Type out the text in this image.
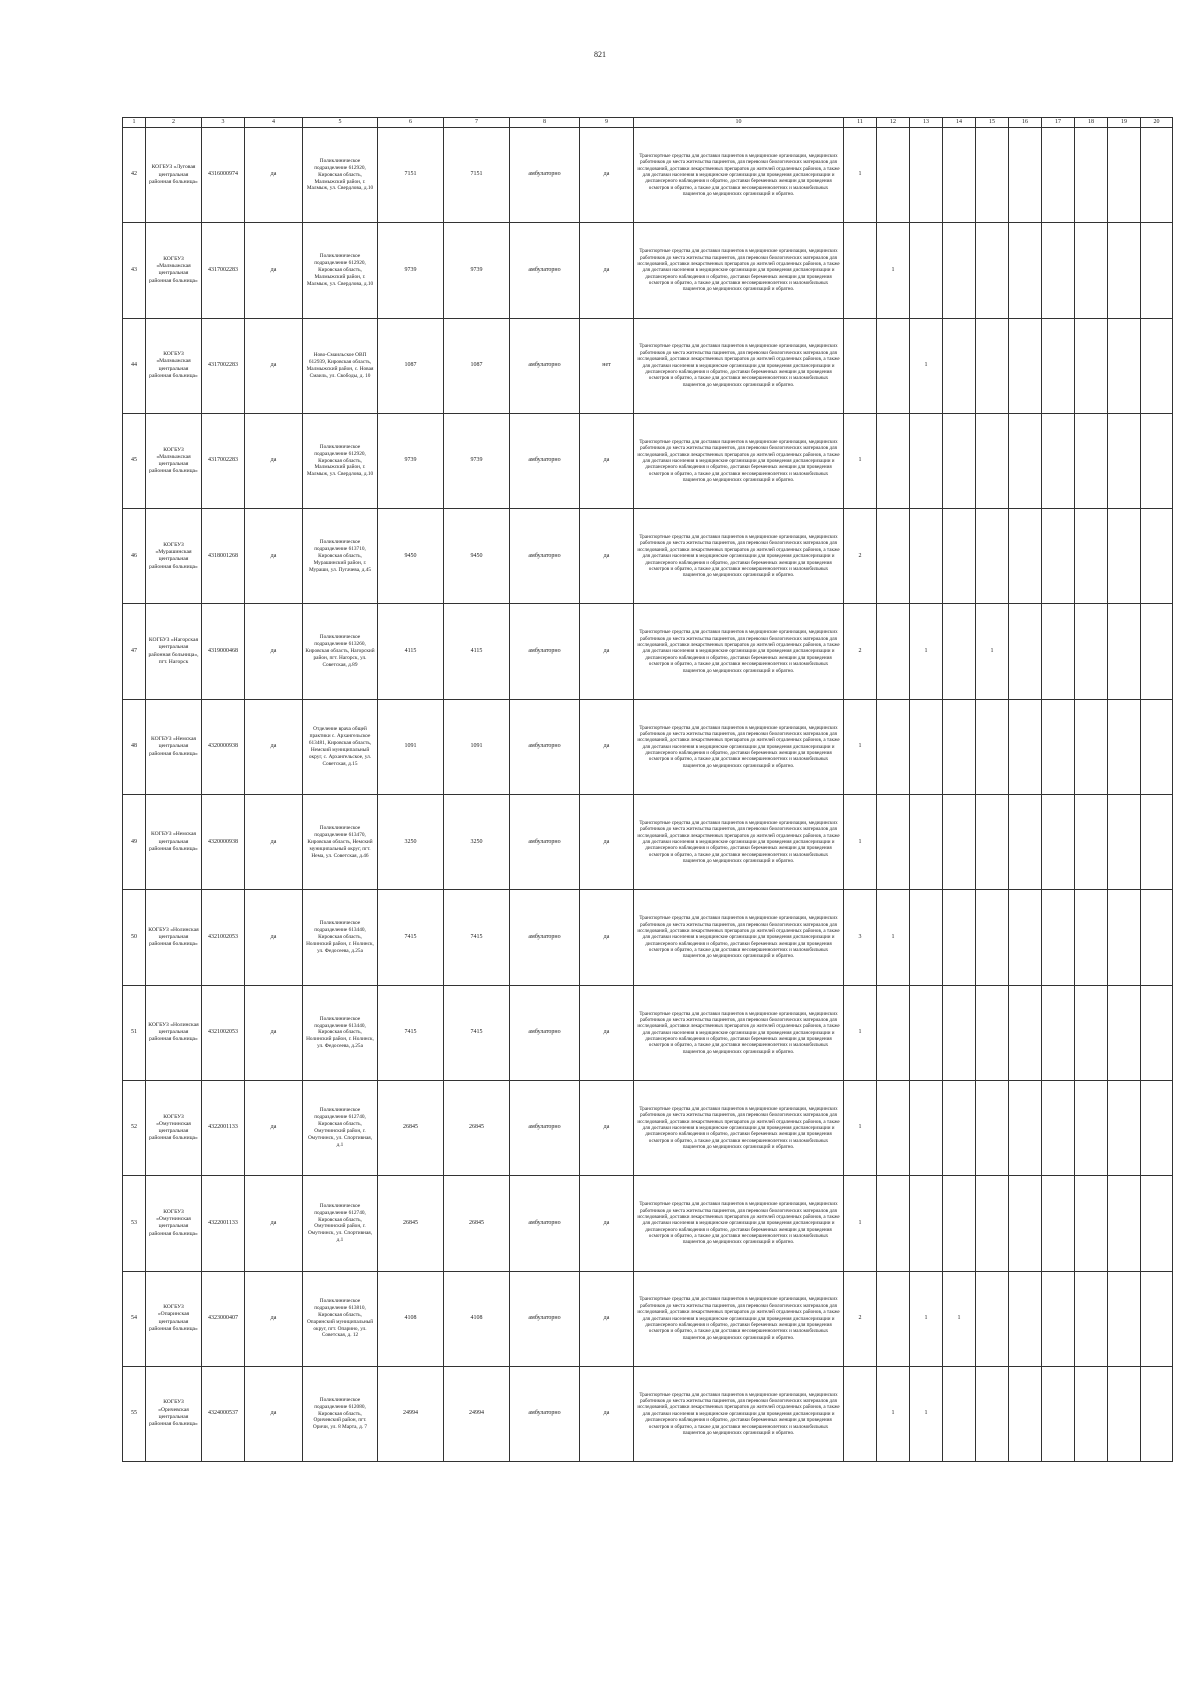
821
1	2	3	4	5	6	7	8	9	10	11	12	13	14	15	16	17	18	19	20
42	КОГБУЗ «Луговая центральная районная больница»	4316000974	да	Поликлиническое подразделение 612920, Кировская область, Малмыжский район, г. Малмыж, ул. Свердлова, д.10	7151	7151	амбулаторно	да	Транспортные средства для доставки пациентов в медицинские организации, медицинских работников до места жительства пациентов, для перевозки биологических материалов для исследований, доставки лекарственных препаратов до жителей отдаленных районов, а также для доставки населения в медицинские организации для проведения диспансеризации и диспансерного наблюдения и обратно, доставки беременных женщин для проведения осмотров и обратно, а также для доставки несовершеннолетних и маломобильных пациентов до медицинских организаций и обратно.	1									
43	КОГБУЗ «Малмыжская центральная районная больница»	4317002283	да	Поликлиническое подразделение 612920, Кировская область, Малмыжский район, г. Малмыж, ул. Свердлова, д.10	9739	9739	амбулаторно	да	Транспортные средства для доставки пациентов в медицинские организации, медицинских работников до места жительства пациентов, для перевозки биологических материалов для исследований, доставки лекарственных препаратов до жителей отдаленных районов, а также для доставки населения в медицинские организации для проведения диспансеризации и диспансерного наблюдения и обратно, доставки беременных женщин для проведения осмотров и обратно, а также для доставки несовершеннолетних и маломобильных пациентов до медицинских организаций и обратно.		1								
44	КОГБУЗ «Малмыжская центральная районная больница»	4317002283	да	Ново-Смаильское ОВП 612939, Кировская область, Малмыжский район, с. Новая Смаиль, ул. Свободы, д. 10	1087	1087	амбулаторно	нет	Транспортные средства для доставки пациентов в медицинские организации, медицинских работников до места жительства пациентов, для перевозки биологических материалов для исследований, доставки лекарственных препаратов до жителей отдаленных районов, а также для доставки населения в медицинские организации для проведения диспансеризации и диспансерного наблюдения и обратно, доставки беременных женщин для проведения осмотров и обратно, а также для доставки несовершеннолетних и маломобильных пациентов до медицинских организаций и обратно.			1							
45	КОГБУЗ «Малмыжская центральная районная больница»	4317002283	да	Поликлиническое подразделение 612920, Кировская область, Малмыжский район, г. Малмыж, ул. Свердлова, д.10	9739	9739	амбулаторно	да	Транспортные средства для доставки пациентов в медицинские организации, медицинских работников до места жительства пациентов, для перевозки биологических материалов для исследований, доставки лекарственных препаратов до жителей отдаленных районов, а также для доставки населения в медицинские организации для проведения диспансеризации и диспансерного наблюдения и обратно, доставки беременных женщин для проведения осмотров и обратно, а также для доставки несовершеннолетних и маломобильных пациентов до медицинских организаций и обратно.	1									
46	КОГБУЗ «Мурашинская центральная районная больница»	4318001268	да	Поликлиническое подразделение 613710, Кировская область, Мурашинский район, г. Мураши, ул. Пугачева, д.45	9450	9450	амбулаторно	да	Транспортные средства для доставки пациентов в медицинские организации, медицинских работников до места жительства пациентов, для перевозки биологических материалов для исследований, доставки лекарственных препаратов до жителей отдаленных районов, а также для доставки населения в медицинские организации для проведения диспансеризации и диспансерного наблюдения и обратно, доставки беременных женщин для проведения осмотров и обратно, а также для доставки несовершеннолетних и маломобильных пациентов до медицинских организаций и обратно.	2									
47	КОГБУЗ «Нагорская центральная районная больница», пгт. Нагорск	4319000468	да	Поликлиническое подразделение 613260, Кировская область, Нагорский район, пгт. Нагорск, ул. Советская, д.89	4115	4115	амбулаторно	да	Транспортные средства для доставки пациентов в медицинские организации, медицинских работников до места жительства пациентов, для перевозки биологических материалов для исследований, доставки лекарственных препаратов до жителей отдаленных районов, а также для доставки населения в медицинские организации для проведения диспансеризации и диспансерного наблюдения и обратно, доставки беременных женщин для проведения осмотров и обратно, а также для доставки несовершеннолетних и маломобильных пациентов до медицинских организаций и обратно.	2		1		1					
48	КОГБУЗ «Немская центральная районная больница»	4320000938	да	Отделение врача общей практики с. Архангельское 613481, Кировская область, Немский муниципальный округ, с. Архангельское, ул. Советская, д.15	1091	1091	амбулаторно	да	Транспортные средства для доставки пациентов в медицинские организации, медицинских работников до места жительства пациентов, для перевозки биологических материалов для исследований, доставки лекарственных препаратов до жителей отдаленных районов, а также для доставки населения в медицинские организации для проведения диспансеризации и диспансерного наблюдения и обратно, доставки беременных женщин для проведения осмотров и обратно, а также для доставки несовершеннолетних и маломобильных пациентов до медицинских организаций и обратно.	1									
49	КОГБУЗ «Немская центральная районная больница»	4320000938	да	Поликлиническое подразделение 613470, Кировская область, Немский муниципальный округ, пгт. Нема, ул. Советская, д.46	3250	3250	амбулаторно	да	Транспортные средства для доставки пациентов в медицинские организации, медицинских работников до места жительства пациентов, для перевозки биологических материалов для исследований, доставки лекарственных препаратов до жителей отдаленных районов, а также для доставки населения в медицинские организации для проведения диспансеризации и диспансерного наблюдения и обратно, доставки беременных женщин для проведения осмотров и обратно, а также для доставки несовершеннолетних и маломобильных пациентов до медицинских организаций и обратно.	1									
50	КОГБУЗ «Нолинская центральная районная больница»	4321002053	да	Поликлиническое подразделение 613440, Кировская область, Нолинский район, г. Нолинск, ул. Федосеева, д.25а	7415	7415	амбулаторно	да	Транспортные средства для доставки пациентов в медицинские организации, медицинских работников до места жительства пациентов, для перевозки биологических материалов для исследований, доставки лекарственных препаратов до жителей отдаленных районов, а также для доставки населения в медицинские организации для проведения диспансеризации и диспансерного наблюдения и обратно, доставки беременных женщин для проведения осмотров и обратно, а также для доставки несовершеннолетних и маломобильных пациентов до медицинских организаций и обратно.	3	1								
51	КОГБУЗ «Нолинская центральная районная больница»	4321002053	да	Поликлиническое подразделение 613440, Кировская область, Нолинский район, г. Нолинск, ул. Федосеева, д.25а	7415	7415	амбулаторно	да	Транспортные средства для доставки пациентов в медицинские организации, медицинских работников до места жительства пациентов, для перевозки биологических материалов для исследований, доставки лекарственных препаратов до жителей отдаленных районов, а также для доставки населения в медицинские организации для проведения диспансеризации и диспансерного наблюдения и обратно, доставки беременных женщин для проведения осмотров и обратно, а также для доставки несовершеннолетних и маломобильных пациентов до медицинских организаций и обратно.	1									
52	КОГБУЗ «Омутнинская центральная районная больница»	4322001133	да	Поликлиническое подразделение 612740, Кировская область, Омутнинский район, г. Омутнинск, ул. Спортивная, д.1	26845	26845	амбулаторно	да	Транспортные средства для доставки пациентов в медицинские организации, медицинских работников до места жительства пациентов, для перевозки биологических материалов для исследований, доставки лекарственных препаратов до жителей отдаленных районов, а также для доставки населения в медицинские организации для проведения диспансеризации и диспансерного наблюдения и обратно, доставки беременных женщин для проведения осмотров и обратно, а также для доставки несовершеннолетних и маломобильных пациентов до медицинских организаций и обратно.	1									
53	КОГБУЗ «Омутнинская центральная районная больница»	4322001133	да	Поликлиническое подразделение 612740, Кировская область, Омутнинский район, г. Омутнинск, ул. Спортивная, д.1	26845	26845	амбулаторно	да	Транспортные средства для доставки пациентов в медицинские организации, медицинских работников до места жительства пациентов, для перевозки биологических материалов для исследований, доставки лекарственных препаратов до жителей отдаленных районов, а также для доставки населения в медицинские организации для проведения диспансеризации и диспансерного наблюдения и обратно, доставки беременных женщин для проведения осмотров и обратно, а также для доставки несовершеннолетних и маломобильных пациентов до медицинских организаций и обратно.	1									
54	КОГБУЗ «Опаринская центральная районная больница»	4323000407	да	Поликлиническое подразделение 613810, Кировская область, Опаринский муниципальный округ, пгт. Опарино, ул. Советская, д. 12	4108	4108	амбулаторно	да	Транспортные средства для доставки пациентов в медицинские организации, медицинских работников до места жительства пациентов, для перевозки биологических материалов для исследований, доставки лекарственных препаратов до жителей отдаленных районов, а также для доставки населения в медицинские организации для проведения диспансеризации и диспансерного наблюдения и обратно, доставки беременных женщин для проведения осмотров и обратно, а также для доставки несовершеннолетних и маломобильных пациентов до медицинских организаций и обратно.	2		1	1						
55	КОГБУЗ «Оричевская центральная районная больница»	4324000537	да	Поликлиническое подразделение 612080, Кировская область, Оричевский район, пгт. Оричи, ул. 8 Марта, д. 7	24994	24994	амбулаторно	да	Транспортные средства для доставки пациентов в медицинские организации, медицинских работников до места жительства пациентов, для перевозки биологических материалов для исследований, доставки лекарственных препаратов до жителей отдаленных районов, а также для доставки населения в медицинские организации для проведения диспансеризации и диспансерного наблюдения и обратно, доставки беременных женщин для проведения осмотров и обратно, а также для доставки несовершеннолетних и маломобильных пациентов до медицинских организаций и обратно.		1	1							
